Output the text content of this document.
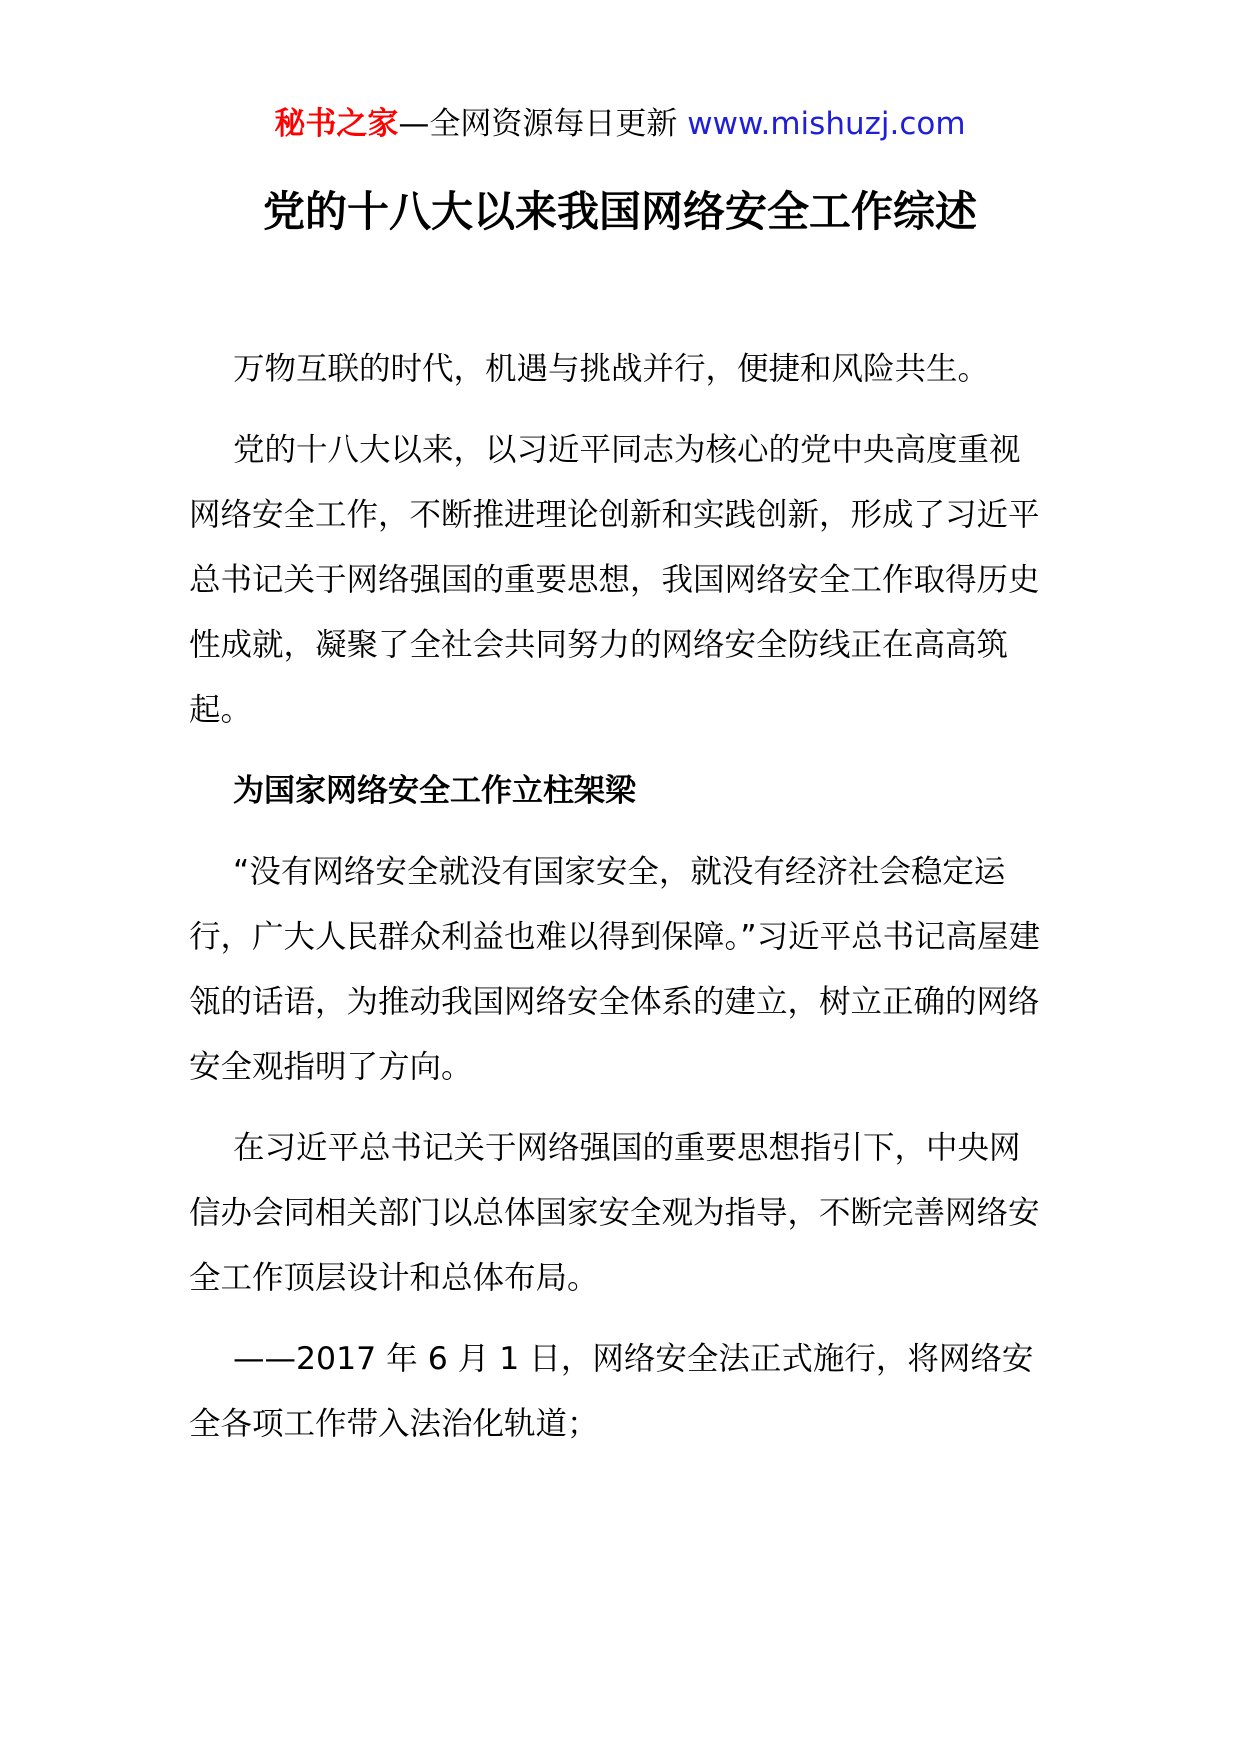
秘书之家—全网资源每日更新 www.mishuzj.com
党的十八大以来我国网络安全工作综述

万物互联的时代，机遇与挑战并行，便捷和风险共生。

党的十八大以来，以习近平同志为核心的党中央高度重视网络安全工作，不断推进理论创新和实践创新，形成了习近平总书记关于网络强国的重要思想，我国网络安全工作取得历史性成就，凝聚了全社会共同努力的网络安全防线正在高高筑起。

为国家网络安全工作立柱架梁

“没有网络安全就没有国家安全，就没有经济社会稳定运行，广大人民群众利益也难以得到保障。”习近平总书记高屋建瓴的话语，为推动我国网络安全体系的建立，树立正确的网络安全观指明了方向。

在习近平总书记关于网络强国的重要思想指引下，中央网信办会同相关部门以总体国家安全观为指导，不断完善网络安全工作顶层设计和总体布局。

——2017 年 6 月 1 日，网络安全法正式施行，将网络安全各项工作带入法治化轨道；
